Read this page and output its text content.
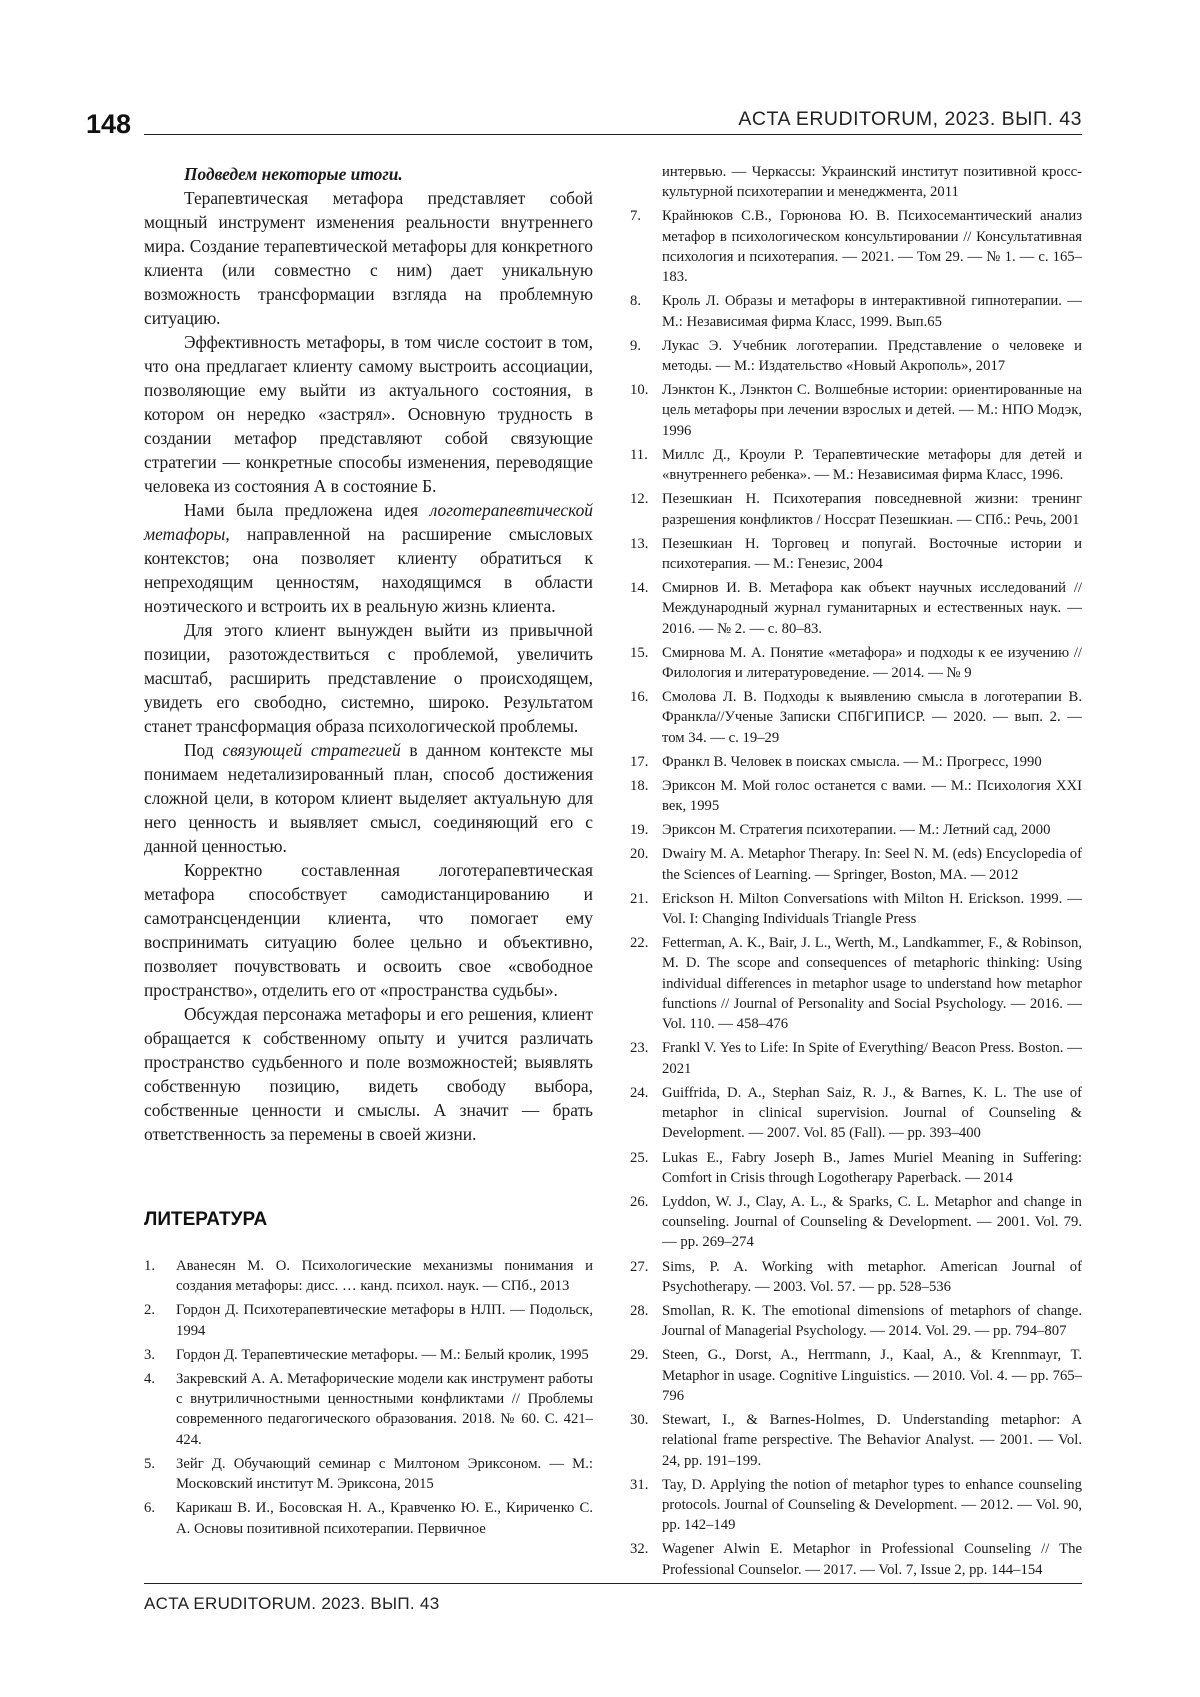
148	ACTA ERUDITORUM, 2023. ВЫП. 43

Подведем некоторые итоги.

Терапевтическая метафора представляет собой мощный инструмент изменения реальности внутреннего мира. Создание терапевтической метафоры для конкретного клиента (или совместно с ним) дает уникальную возможность трансформации взгляда на проблемную ситуацию.

Эффективность метафоры, в том числе состоит в том, что она предлагает клиенту самому выстроить ассоциации, позволяющие ему выйти из актуального состояния, в котором он нередко «застрял». Основную трудность в создании метафор представляют собой связующие стратегии — конкретные способы изменения, переводящие человека из состояния А в состояние Б.

Нами была предложена идея логотерапевтической метафоры, направленной на расширение смысловых контекстов; она позволяет клиенту обратиться к непреходящим ценностям, находящимся в области ноэтического и встроить их в реальную жизнь клиента.

Для этого клиент вынужден выйти из привычной позиции, разотождествиться с проблемой, увеличить масштаб, расширить представление о происходящем, увидеть его свободно, системно, широко. Результатом станет трансформация образа психологической проблемы.

Под связующей стратегией в данном контексте мы понимаем недетализированный план, способ достижения сложной цели, в котором клиент выделяет актуальную для него ценность и выявляет смысл, соединяющий его с данной ценностью.

Корректно составленная логотерапевтическая метафора способствует самодистанцированию и самотрансценденции клиента, что помогает ему воспринимать ситуацию более цельно и объективно, позволяет почувствовать и освоить свое «свободное пространство», отделить его от «пространства судьбы».

Обсуждая персонажа метафоры и его решения, клиент обращается к собственному опыту и учится различать пространство судьбенного и поле возможностей; выявлять собственную позицию, видеть свободу выбора, собственные ценности и смыслы. А значит — брать ответственность за перемены в своей жизни.

ЛИТЕРАТУРА
1.	Аванесян М. О. Психологические механизмы понимания и создания метафоры: дисс. … канд. психол. наук. — СПб., 2013
2.	Гордон Д. Психотерапевтические метафоры в НЛП. — Подольск, 1994
3.	Гордон Д. Терапевтические метафоры. — М.: Белый кролик, 1995
4.	Закревский А. А. Метафорические модели как инструмент работы с внутриличностными ценностными конфликтами // Проблемы современного педагогического образования. 2018. № 60. С. 421–424.
5.	Зейг Д. Обучающий семинар с Милтоном Эриксоном. — М.: Московский институт М. Эриксона, 2015
6.	Карикаш В. И., Босовская Н. А., Кравченко Ю. Е., Кириченко С. А. Основы позитивной психотерапии. Первичное
интервью. — Черкассы: Украинский институт позитивной кросс-культурной психотерапии и менеджмента, 2011
7.	Крайнюков С.В., Горюнова Ю. В. Психосемантический анализ метафор в психологическом консультировании // Консультативная психология и психотерапия. — 2021. — Том 29. — № 1. — с. 165–183.
8.	Кроль Л. Образы и метафоры в интерактивной гипнотерапии. — М.: Независимая фирма Класс, 1999. Вып.65
9.	Лукас Э. Учебник логотерапии. Представление о человеке и методы. — М.: Издательство «Новый Акрополь», 2017
10. Лэнктон К., Лэнктон С. Волшебные истории: ориентированные на цель метафоры при лечении взрослых и детей. — М.: НПО Модэк, 1996
11. Миллс Д., Кроули Р. Терапевтические метафоры для детей и «внутреннего ребенка». — М.: Независимая фирма Класс, 1996.
12. Пезешкиан Н. Психотерапия повседневной жизни: тренинг разрешения конфликтов / Носсрат Пезешкиан. — СПб.: Речь, 2001
13. Пезешкиан Н. Торговец и попугай. Восточные истории и психотерапия. — М.: Генезис, 2004
14. Смирнов И. В. Метафора как объект научных исследований // Международный журнал гуманитарных и естественных наук. — 2016. — № 2. — с. 80–83.
15. Смирнова М. А. Понятие «метафора» и подходы к ее изучению // Филология и литературоведение. — 2014. — № 9
16. Смолова Л. В. Подходы к выявлению смысла в логотерапии В. Франкла//Ученые Записки СПбГИПИСР. — 2020. — вып. 2. — том 34. — с. 19–29
17. Франкл В. Человек в поисках смысла. — М.: Прогресс, 1990
18. Эриксон М. Мой голос останется с вами. — М.: Психология XXI век, 1995
19. Эриксон М. Стратегия психотерапии. — М.: Летний сад, 2000
20. Dwairy M. A. Metaphor Therapy. In: Seel N. M. (eds) Encyclopedia of the Sciences of Learning. — Springer, Boston, MA. — 2012
21. Erickson H. Milton Conversations with Milton H. Erickson. 1999. — Vol. I: Changing Individuals Triangle Press
22. Fetterman, A. K., Bair, J. L., Werth, M., Landkammer, F., & Robinson, M. D. The scope and consequences of metaphoric thinking: Using individual differences in metaphor usage to understand how metaphor functions // Journal of Personality and Social Psychology. — 2016. — Vol. 110. — 458–476
23. Frankl V. Yes to Life: In Spite of Everything/ Beacon Press. Boston. — 2021
24. Guiffrida, D. A., Stephan Saiz, R. J., & Barnes, K. L. The use of metaphor in clinical supervision. Journal of Counseling & Development. — 2007. Vol. 85 (Fall). — pp. 393–400
25. Lukas E., Fabry Joseph B., James Muriel Meaning in Suffering: Comfort in Crisis through Logotherapy Paperback. — 2014
26. Lyddon, W. J., Clay, A. L., & Sparks, C. L. Metaphor and change in counseling. Journal of Counseling & Development. — 2001. Vol. 79. — pp. 269–274
27. Sims, P. A. Working with metaphor. American Journal of Psychotherapy. — 2003. Vol. 57. — pp. 528–536
28. Smollan, R. K. The emotional dimensions of metaphors of change. Journal of Managerial Psychology. — 2014. Vol. 29. — pp. 794–807
29. Steen, G., Dorst, A., Herrmann, J., Kaal, A., & Krennmayr, T. Metaphor in usage. Cognitive Linguistics. — 2010. Vol. 4. — pp. 765–796
30. Stewart, I., & Barnes-Holmes, D. Understanding metaphor: A relational frame perspective. The Behavior Analyst. — 2001. — Vol. 24, pp. 191–199.
31. Tay, D. Applying the notion of metaphor types to enhance counseling protocols. Journal of Counseling & Development. — 2012. — Vol. 90, pp. 142–149
32. Wagener Alwin E. Metaphor in Professional Counseling // The Professional Counselor. — 2017. — Vol. 7, Issue 2, pp. 144–154
ACTA ERUDITORUM. 2023. ВЫП. 43
